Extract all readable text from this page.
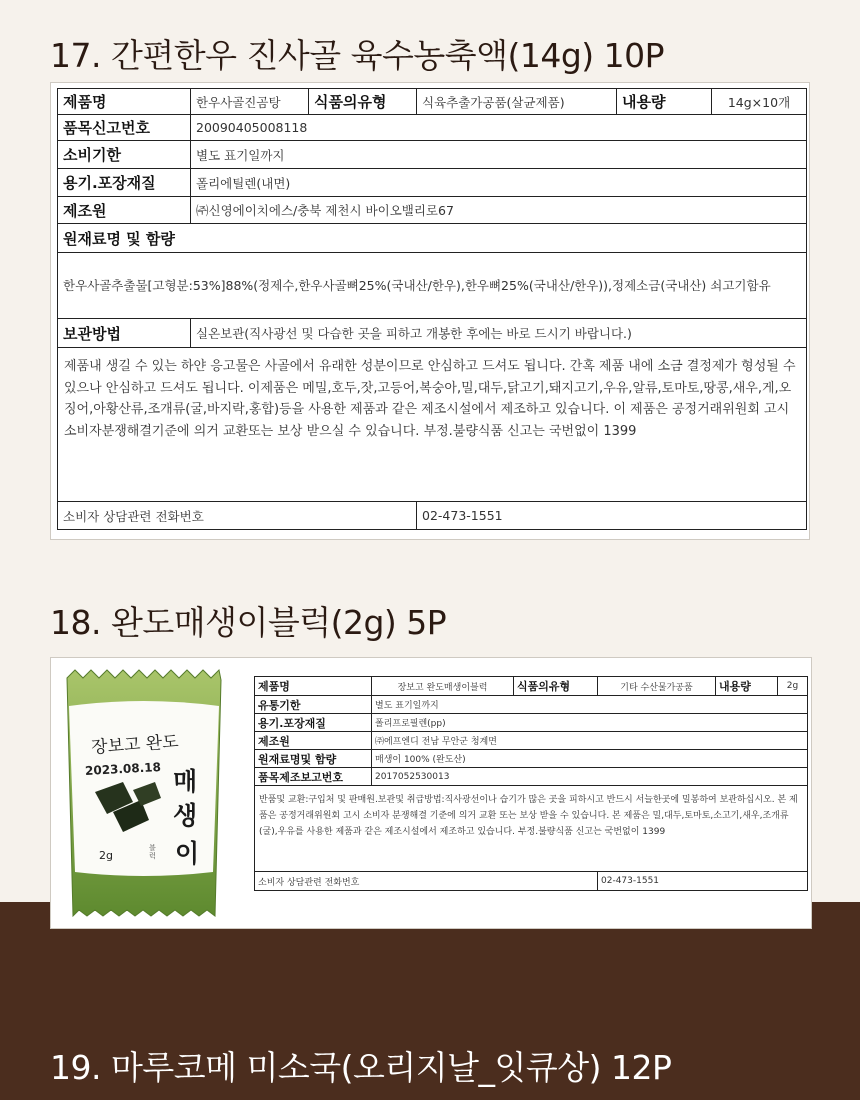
17. 간편한우 진사골 육수농축액(14g) 10P
제품명	한우사골진곰탕	식품의유형	식육추출가공품(살균제품)	내용량	14g×10개
품목신고번호	20090405008118				
소비기한	별도 표기일까지				
용기.포장재질	폴리에틸렌(내면)				
제조원	㈜신영에이치에스/충북 제천시 바이오밸리로67				
원재료명 및 함량					
한우사골추출물[고형분:53%]88%(정제수,한우사골뼈25%(국내산/한우),한우뼈25%(국내산/한우)),정제소금(국내산) 쇠고기함유					
보관방법	실온보관(직사광선 및 다습한 곳을 피하고 개봉한 후에는 바로 드시기 바랍니다.)				
제품내 생길 수 있는 하얀 응고물은 사골에서 유래한 성분이므로 안심하고 드셔도 됩니다. 간혹 제품 내에 소금 결정제가 형성될 수 있으나 안심하고 드셔도 됩니다. 이제품은 메밀,호두,잣,고등어,복숭아,밀,대두,닭고기,돼지고기,우유,알류,토마토,땅콩,새우,게,오징어,아황산류,조개류(굴,바지락,홍합)등을 사용한 제품과 같은 제조시설에서 제조하고 있습니다. 이 제품은 공정거래위원회 고시 소비자분쟁해결기준에 의거 교환또는 보상 받으실 수 있습니다. 부정.불량식품 신고는 국번없이 1399					
소비자 상담관련 전화번호			02-473-1551		
18. 완도매생이블럭(2g) 5P
장보고 완도
2023.08.18 매
생
이
2g
블럭
제품명	장보고 완도매생이블럭	식품의유형	기타 수산물가공품	내용량	2g
유통기한	별도 표기일까지				
용기.포장재질	폴리프로필렌(pp)				
제조원	㈜에프엔디 전남 무안군 청계면				
원재료명및 함량	매생이 100% (완도산)				
품목제조보고번호	2017052530013				
반품및 교환:구입처 및 판매원.보관및 취급방법:직사광선이나 습기가 많은 곳을 피하시고 반드시 서늘한곳에 밀봉하여 보관하십시오. 본 제품은 공정거래위원회 고시 소비자 분쟁해결 기준에 의거 교환 또는 보상 받을 수 있습니다. 본 제품은 밀,대두,토마토,소고기,새우,조개류(굴),우유를 사용한 제품과 같은 제조시설에서 제조하고 있습니다. 부정.불량식품 신고는 국번없이 1399					
소비자 상담관련 전화번호			02-473-1551		
19. 마루코메 미소국(오리지날_잇큐상) 12P
